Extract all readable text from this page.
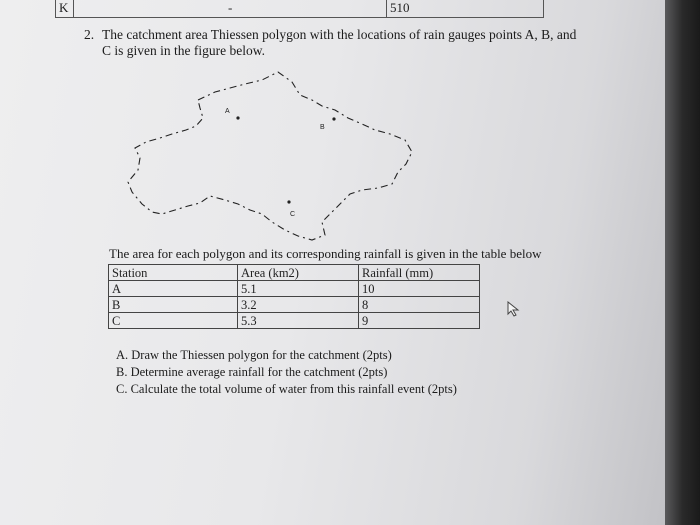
K	-	510
2. The catchment area Thiessen polygon with the locations of rain gauges points A, B, and
C is given in the figure below.
A
B
C
The area for each polygon and its corresponding rainfall is given in the table below
Station	Area (km2)	Rainfall (mm)
A	5.1	10
B	3.2	8
C	5.3	9
A. Draw the Thiessen polygon for the catchment (2pts)
B. Determine average rainfall for the catchment (2pts)
C. Calculate the total volume of water from this rainfall event (2pts)
